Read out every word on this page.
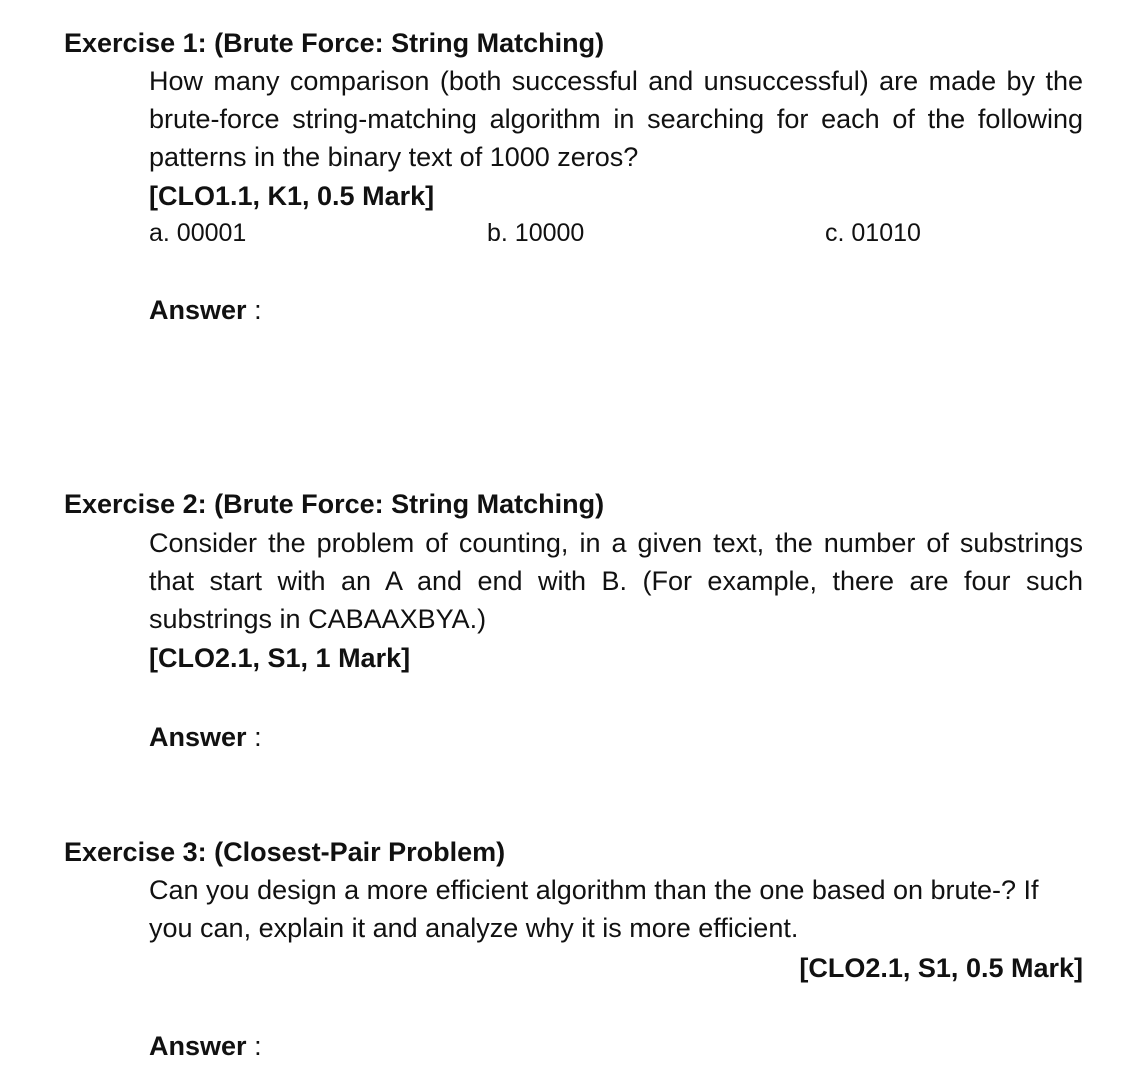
Exercise 1: (Brute Force: String Matching)

How many comparison (both successful and unsuccessful) are made by the brute-force string-matching algorithm in searching for each of the following patterns in the binary text of 1000 zeros?

[CLO1.1, K1, 0.5 Mark]
a. 00001	b. 10000	c. 01010
Answer :
Exercise 2: (Brute Force: String Matching)

Consider the problem of counting, in a given text, the number of substrings that start with an A and end with B. (For example, there are four such substrings in CABAAXBYA.)

[CLO2.1, S1, 1 Mark]
Answer :
Exercise 3: (Closest-Pair Problem)

Can you design a more efficient algorithm than the one based on brute-? If you can, explain it and analyze why it is more efficient.

[CLO2.1, S1, 0.5 Mark]
Answer :
